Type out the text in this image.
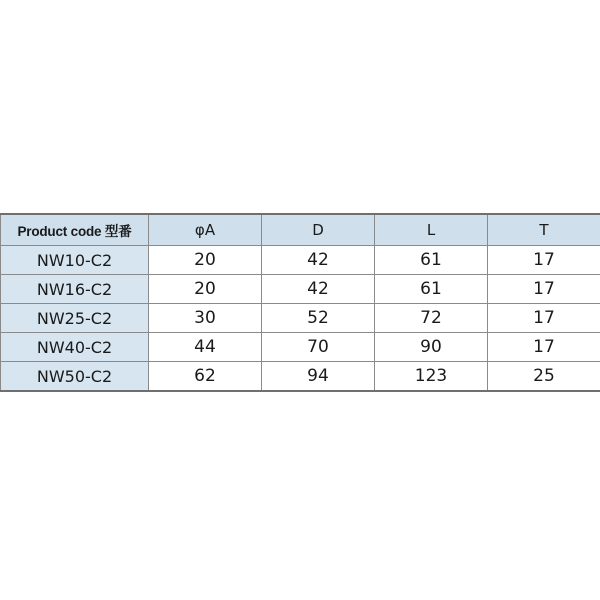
Product code 型番	φA	D	L	T
NW10-C2	20	42	61	17
NW16-C2	20	42	61	17
NW25-C2	30	52	72	17
NW40-C2	44	70	90	17
NW50-C2	62	94	123	25
